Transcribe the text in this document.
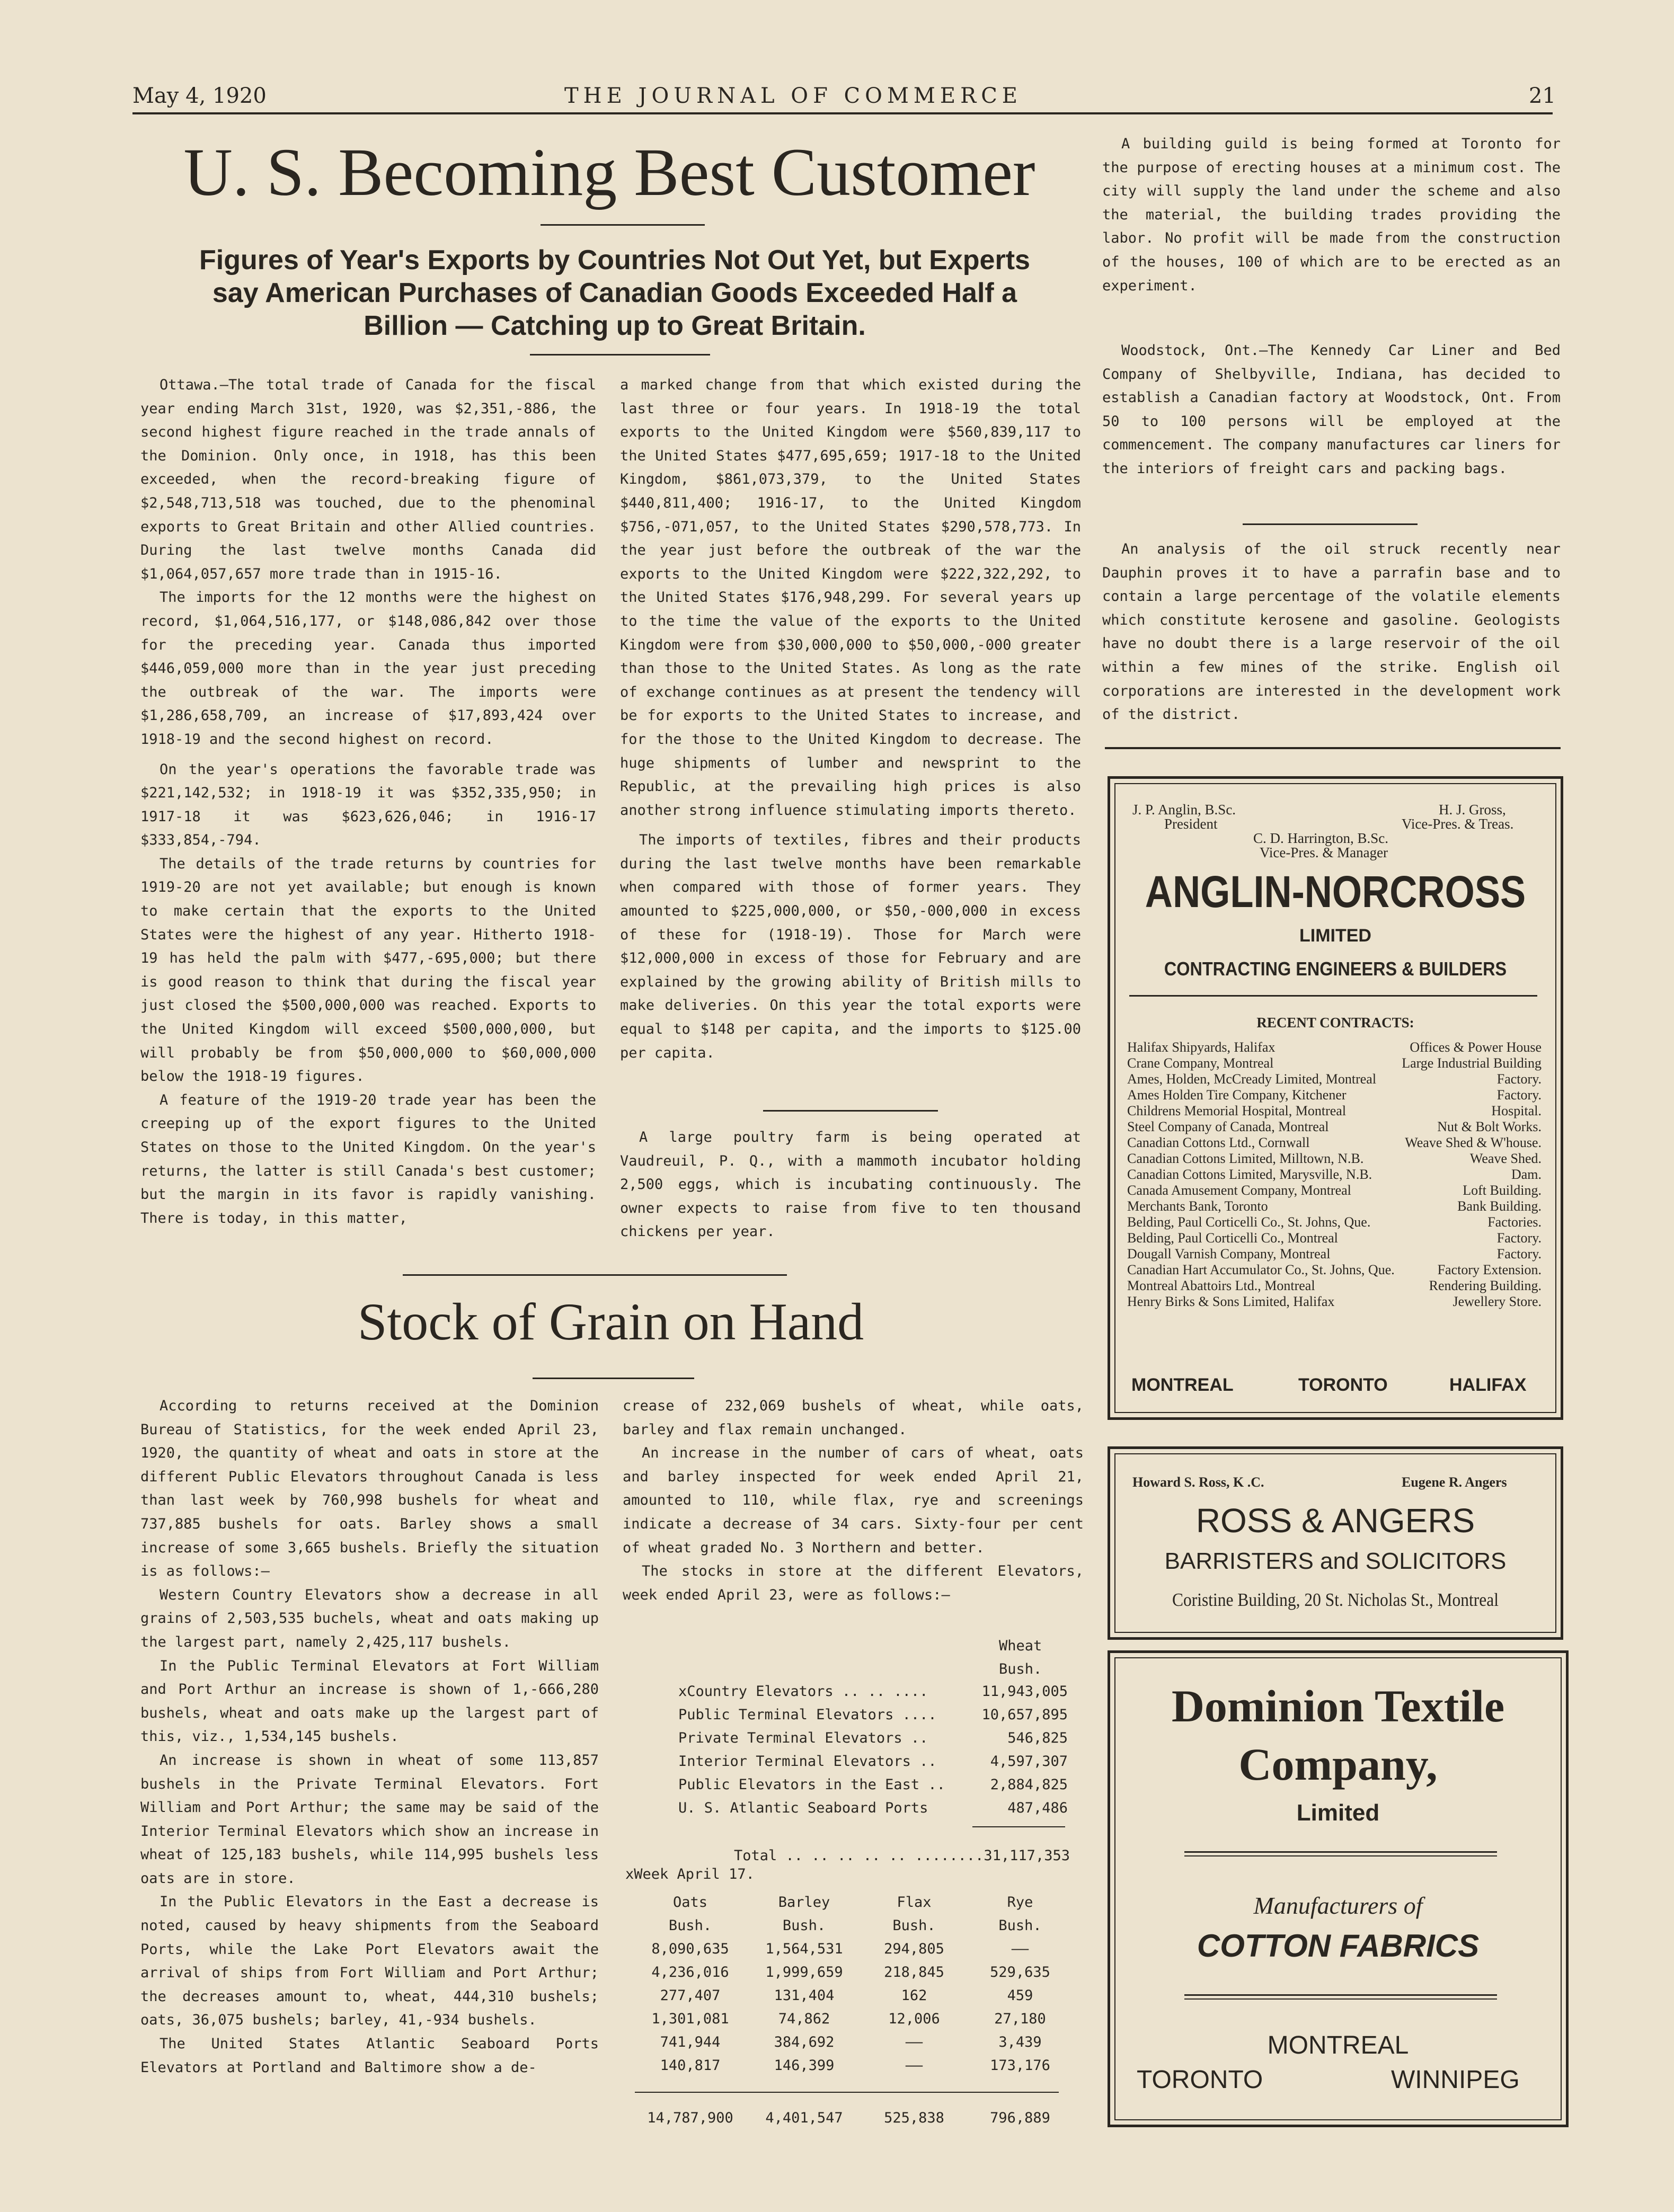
May 4, 1920	THE JOURNAL OF COMMERCE	21
U. S. Becoming Best Customer
Figures of Year's Exports by Countries Not Out Yet, but Experts say American Purchases of Canadian Goods Exceeded Half a Billion — Catching up to Great Britain.

Ottawa.—The total trade of Canada for the fiscal year ending March 31st, 1920, was $2,351,-886, the second highest figure reached in the trade annals of the Dominion. Only once, in 1918, has this been exceeded, when the record-breaking figure of $2,548,713,518 was touched, due to the phenominal exports to Great Britain and other Allied countries. During the last twelve months Canada did $1,064,057,657 more trade than in 1915-16.

The imports for the 12 months were the highest on record, $1,064,516,177, or $148,086,842 over those for the preceding year. Canada thus imported $446,059,000 more than in the year just preceding the outbreak of the war. The imports were $1,286,658,709, an increase of $17,893,424 over 1918-19 and the second highest on record.

On the year's operations the favorable trade was $221,142,532; in 1918-19 it was $352,335,950; in 1917-18 it was $623,626,046; in 1916-17 $333,854,-794.

The details of the trade returns by countries for 1919-20 are not yet available; but enough is known to make certain that the exports to the United States were the highest of any year. Hitherto 1918-19 has held the palm with $477,-695,000; but there is good reason to think that during the fiscal year just closed the $500,000,000 was reached. Exports to the United Kingdom will exceed $500,000,000, but will probably be from $50,000,000 to $60,000,000 below the 1918-19 figures.

A feature of the 1919-20 trade year has been the creeping up of the export figures to the United States on those to the United Kingdom. On the year's returns, the latter is still Canada's best customer; but the margin in its favor is rapidly vanishing. There is today, in this matter,

a marked change from that which existed during the last three or four years. In 1918-19 the total exports to the United Kingdom were $560,839,117 to the United States $477,695,659; 1917-18 to the United Kingdom, $861,073,379, to the United States $440,811,400; 1916-17, to the United Kingdom $756,-071,057, to the United States $290,578,773. In the year just before the outbreak of the war the exports to the United Kingdom were $222,322,292, to the United States $176,948,299. For several years up to the time the value of the exports to the United Kingdom were from $30,000,000 to $50,000,-000 greater than those to the United States. As long as the rate of exchange continues as at present the tendency will be for exports to the United States to increase, and for the those to the United Kingdom to decrease. The huge shipments of lumber and newsprint to the Republic, at the prevailing high prices is also another strong influence stimulating imports thereto.

The imports of textiles, fibres and their products during the last twelve months have been remarkable when compared with those of former years. They amounted to $225,000,000, or $50,-000,000 in excess of these for (1918-19). Those for March were $12,000,000 in excess of those for February and are explained by the growing ability of British mills to make deliveries. On this year the total exports were equal to $148 per capita, and the imports to $125.00 per capita.

A large poultry farm is being operated at Vaudreuil, P. Q., with a mammoth incubator holding 2,500 eggs, which is incubating continuously. The owner expects to raise from five to ten thousand chickens per year.

A building guild is being formed at Toronto for the purpose of erecting houses at a minimum cost. The city will supply the land under the scheme and also the material, the building trades providing the labor. No profit will be made from the construction of the houses, 100 of which are to be erected as an experiment.

Woodstock, Ont.—The Kennedy Car Liner and Bed Company of Shelbyville, Indiana, has decided to establish a Canadian factory at Woodstock, Ont. From 50 to 100 persons will be employed at the commencement. The company manufactures car liners for the interiors of freight cars and packing bags.

An analysis of the oil struck recently near Dauphin proves it to have a parrafin base and to contain a large percentage of the volatile elements which constitute kerosene and gasoline. Geologists have no doubt there is a large reservoir of the oil within a few mines of the strike. English oil corporations are interested in the development work of the district.

J. P. Anglin, B.Sc.
President
H. J. Gross,
Vice-Pres. & Treas.
C. D. Harrington, B.Sc.
Vice-Pres. & Manager
ANGLIN-NORCROSS
LIMITED
CONTRACTING ENGINEERS & BUILDERS
RECENT CONTRACTS:
Halifax Shipyards, Halifax	Offices & Power House
Crane Company, Montreal	Large Industrial Building
Ames, Holden, McCready Limited, Montreal	Factory.
Ames Holden Tire Company, Kitchener	Factory.
Childrens Memorial Hospital, Montreal	Hospital.
Steel Company of Canada, Montreal	Nut & Bolt Works.
Canadian Cottons Ltd., Cornwall	Weave Shed & W'house.
Canadian Cottons Limited, Milltown, N.B.	Weave Shed.
Canadian Cottons Limited, Marysville, N.B.	Dam.
Canada Amusement Company, Montreal	Loft Building.
Merchants Bank, Toronto	Bank Building.
Belding, Paul Corticelli Co., St. Johns, Que.	Factories.
Belding, Paul Corticelli Co., Montreal	Factory.
Dougall Varnish Company, Montreal	Factory.
Canadian Hart Accumulator Co., St. Johns, Que.	Factory Extension.
Montreal Abattoirs Ltd., Montreal	Rendering Building.
Henry Birks & Sons Limited, Halifax	Jewellery Store.
MONTREAL	TORONTO	HALIFAX
Howard S. Ross, K .C.	Eugene R. Angers
ROSS & ANGERS
BARRISTERS and SOLICITORS
Coristine Building, 20 St. Nicholas St., Montreal
Dominion Textile
Company,
Limited
Manufacturers of
COTTON FABRICS
MONTREAL
TORONTO	WINNIPEG
Stock of Grain on Hand

According to returns received at the Dominion Bureau of Statistics, for the week ended April 23, 1920, the quantity of wheat and oats in store at the different Public Elevators throughout Canada is less than last week by 760,998 bushels for wheat and 737,885 bushels for oats. Barley shows a small increase of some 3,665 bushels. Briefly the situation is as follows:—

Western Country Elevators show a decrease in all grains of 2,503,535 buchels, wheat and oats making up the largest part, namely 2,425,117 bushels.

In the Public Terminal Elevators at Fort William and Port Arthur an increase is shown of 1,-666,280 bushels, wheat and oats make up the largest part of this, viz., 1,534,145 bushels.

An increase is shown in wheat of some 113,857 bushels in the Private Terminal Elevators. Fort William and Port Arthur; the same may be said of the Interior Terminal Elevators which show an increase in wheat of 125,183 bushels, while 114,995 bushels less oats are in store.

In the Public Elevators in the East a decrease is noted, caused by heavy shipments from the Seaboard Ports, while the Lake Port Elevators await the arrival of ships from Fort William and Port Arthur; the decreases amount to, wheat, 444,310 bushels; oats, 36,075 bushels; barley, 41,-934 bushels.

The United States Atlantic Seaboard Ports Elevators at Portland and Baltimore show a de-

crease of 232,069 bushels of wheat, while oats, barley and flax remain unchanged.

An increase in the number of cars of wheat, oats and barley inspected for week ended April 21, amounted to 110, while flax, rye and screenings indicate a decrease of 34 cars. Sixty-four per cent of wheat graded No. 3 Northern and better.

The stocks in store at the different Elevators, week ended April 23, were as follows:—

Wheat
Bush.
xCountry Elevators .. .. ....	11,943,005
Public Terminal Elevators ....	10,657,895
Private Terminal Elevators ..	546,825
Interior Terminal Elevators ..	4,597,307
Public Elevators in the East ..	2,884,825
U. S. Atlantic Seaboard Ports	487,486
Total .. .. .. .. .. ........	31,117,353
xWeek April 17.
Oats	Barley	Flax	Rye
Bush.	Bush.	Bush.	Bush.
8,090,635	1,564,531	294,805	——
4,236,016	1,999,659	218,845	529,635
277,407	131,404	162	459
1,301,081	74,862	12,006	27,180
741,944	384,692	——	3,439
140,817	146,399	——	173,176
14,787,900	4,401,547	525,838	796,889
